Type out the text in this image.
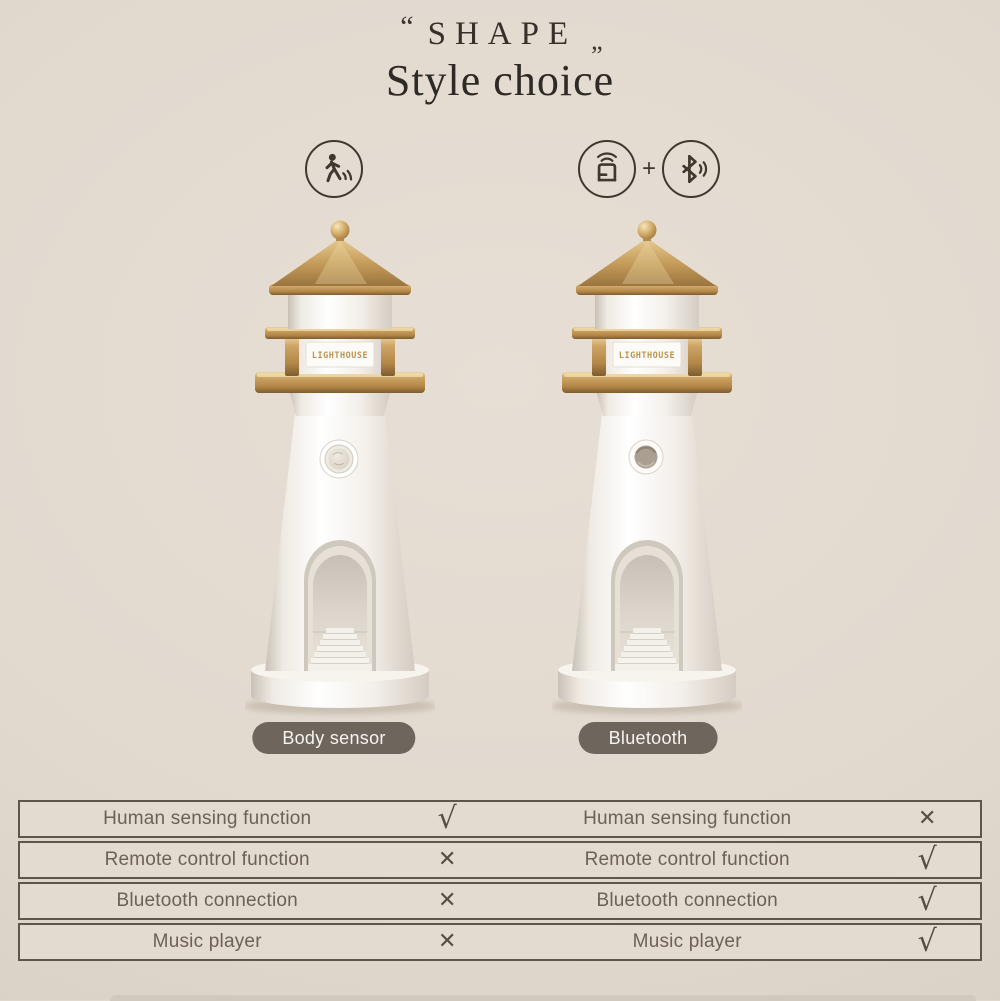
“ SHAPE „
Style choice
+
LIGHTHOUSE	LIGHTHOUSE
Body sensor	Bluetooth
Human sensing function	√	Human sensing function	✕
Remote control function	✕	Remote control function	√
Bluetooth connection	✕	Bluetooth connection	√
Music player	✕	Music player	√
